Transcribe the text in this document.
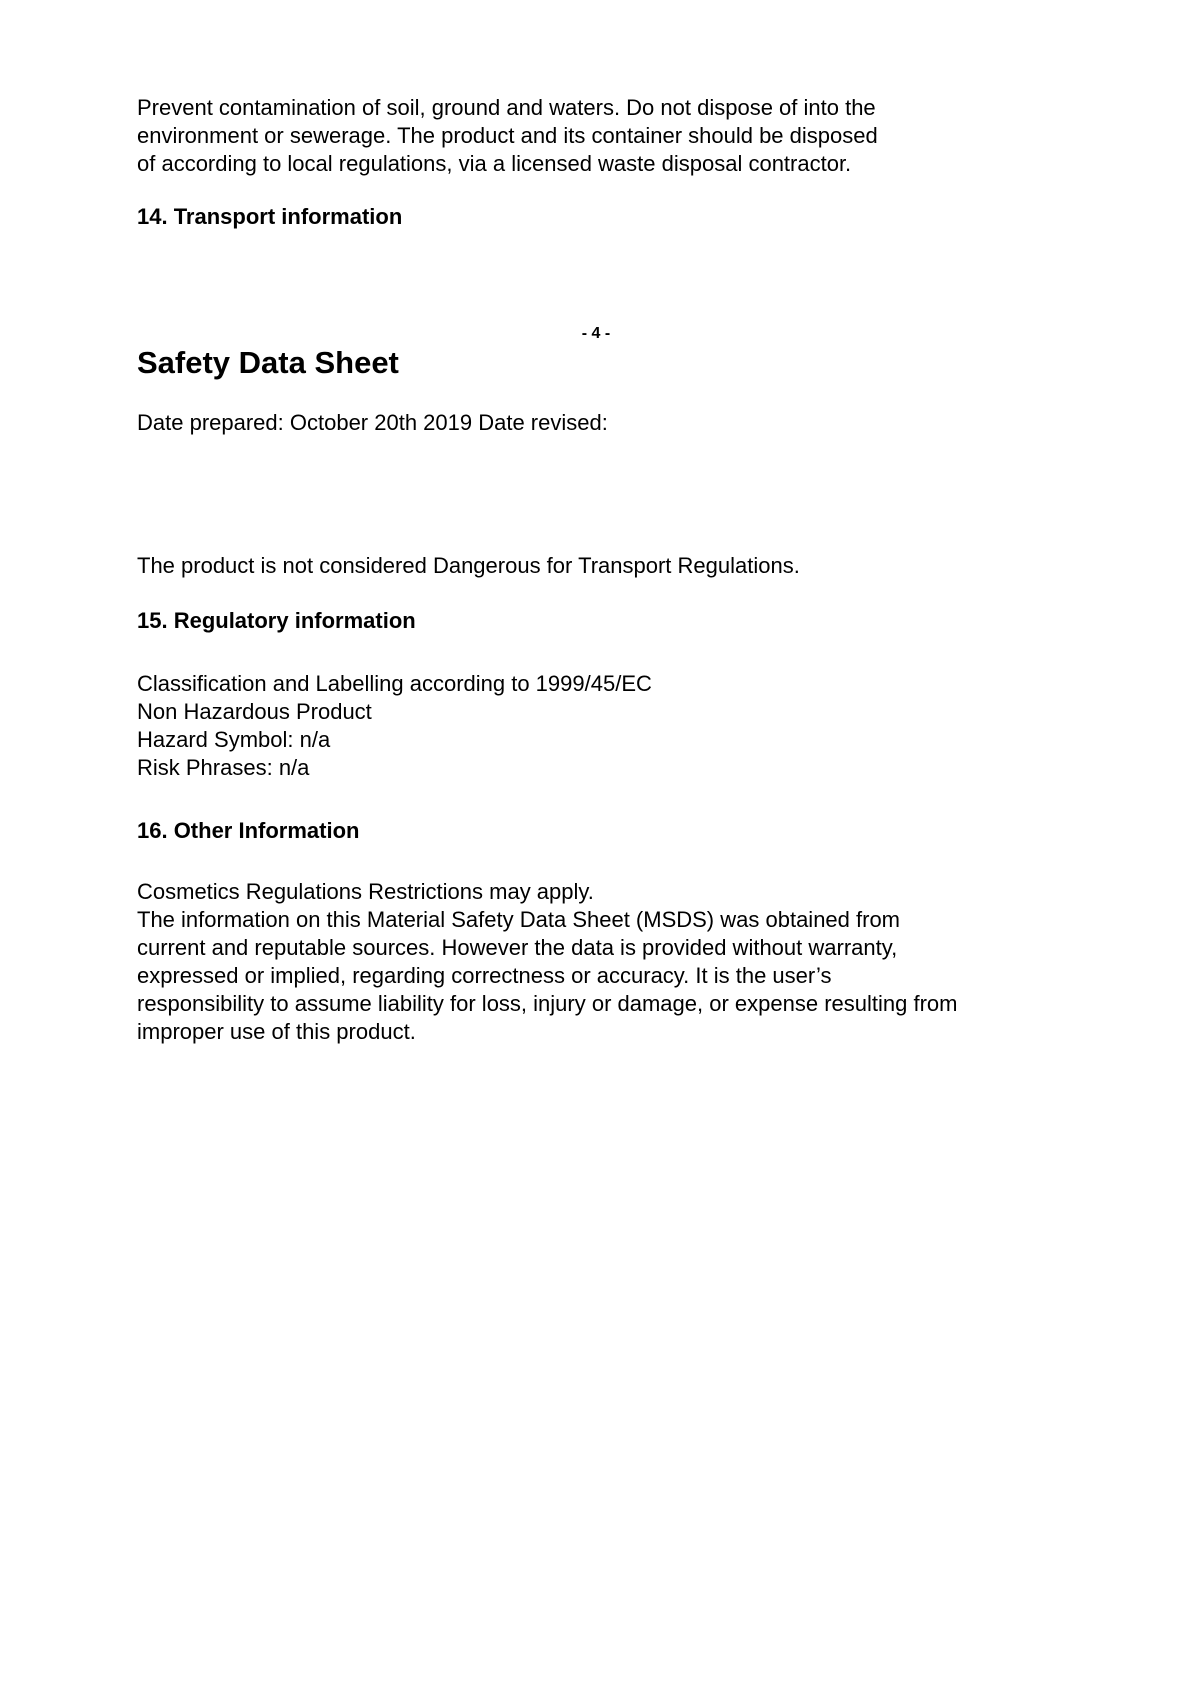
Prevent contamination of soil, ground and waters. Do not dispose of into the
environment or sewerage. The product and its container should be disposed
of according to local regulations, via a licensed waste disposal contractor.
14. Transport information
- 4 -
Safety Data Sheet
Date prepared: October 20th 2019 Date revised:
The product is not considered Dangerous for Transport Regulations.
15. Regulatory information
Classification and Labelling according to 1999/45/EC
Non Hazardous Product
Hazard Symbol: n/a
Risk Phrases: n/a
16. Other Information
Cosmetics Regulations Restrictions may apply.
The information on this Material Safety Data Sheet (MSDS) was obtained from
current and reputable sources. However the data is provided without warranty,
expressed or implied, regarding correctness or accuracy. It is the user’s
responsibility to assume liability for loss, injury or damage, or expense resulting from
improper use of this product.
